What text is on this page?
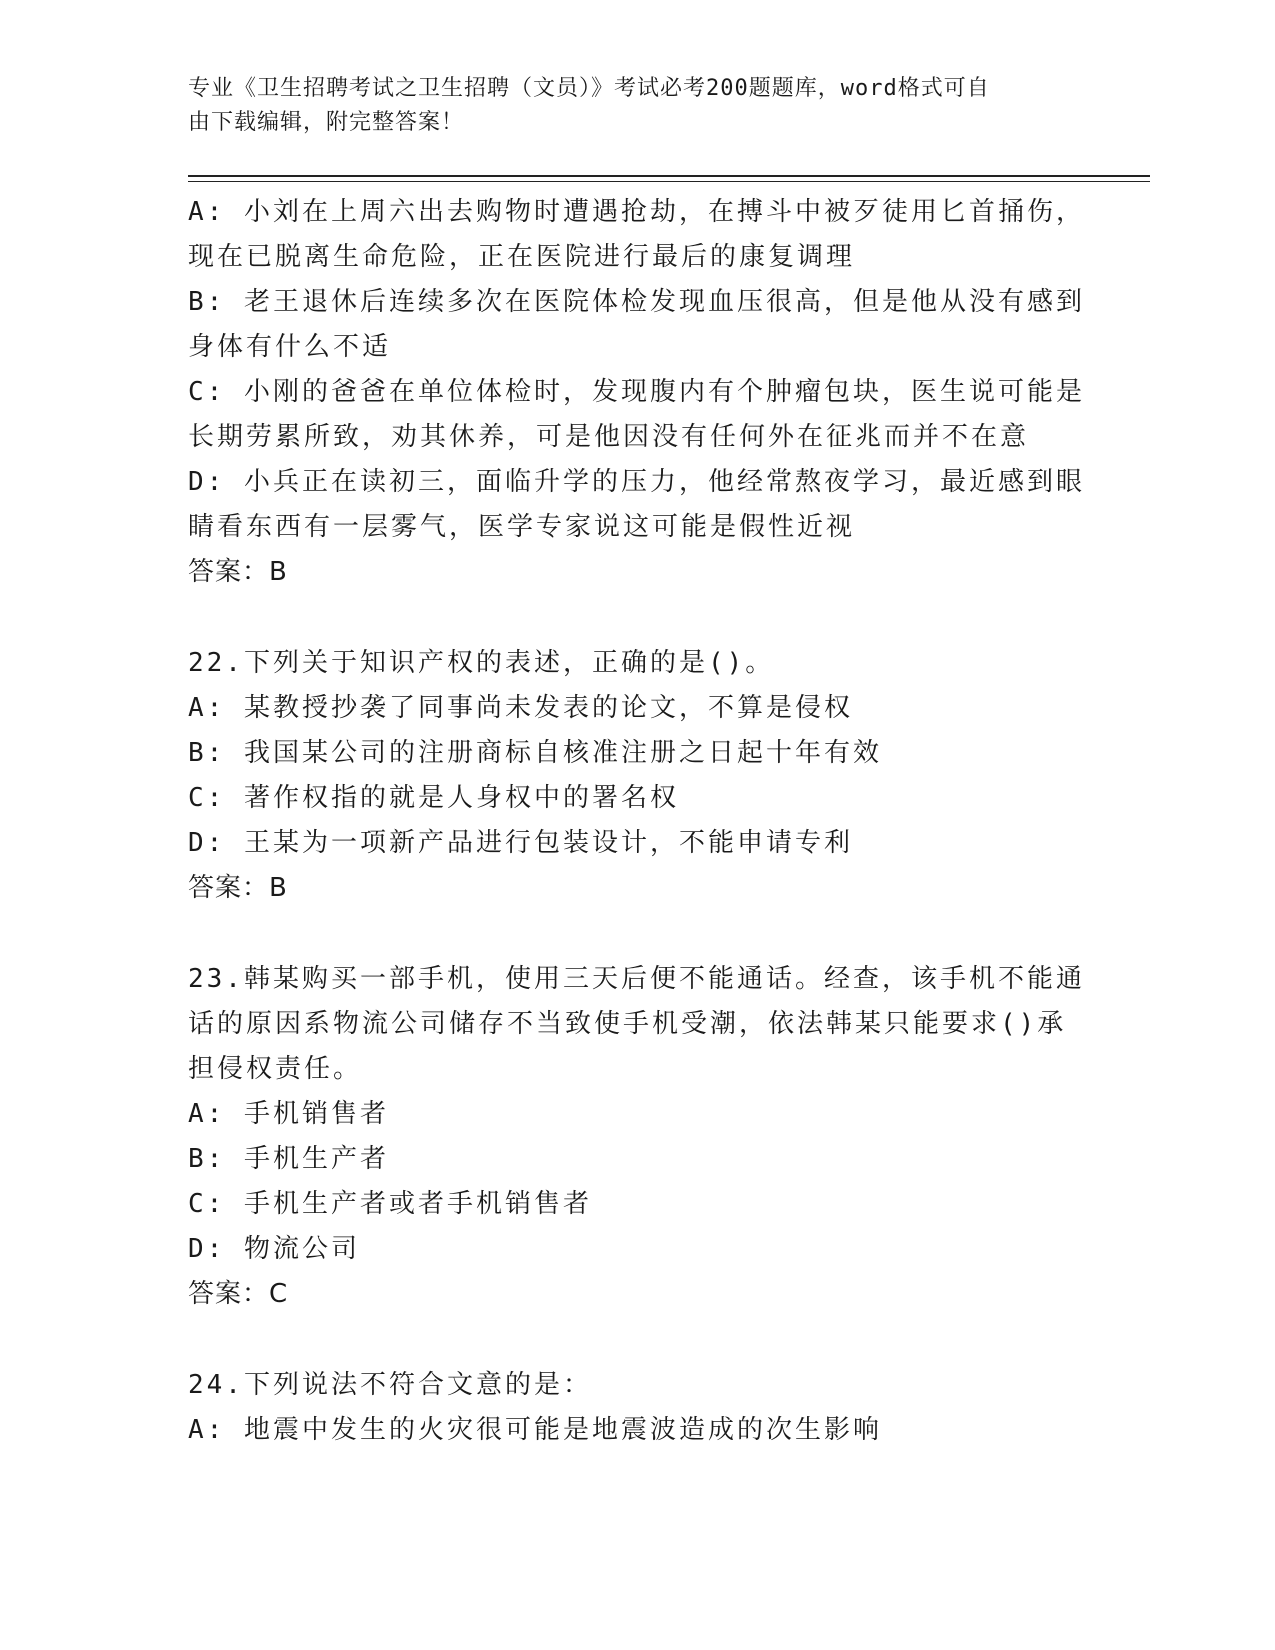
专业《卫生招聘考试之卫生招聘（文员）》考试必考200题题库，word格式可自
由下载编辑，附完整答案！
A: 小刘在上周六出去购物时遭遇抢劫，在搏斗中被歹徒用匕首捅伤，
现在已脱离生命危险，正在医院进行最后的康复调理
B: 老王退休后连续多次在医院体检发现血压很高，但是他从没有感到
身体有什么不适
C: 小刚的爸爸在单位体检时，发现腹内有个肿瘤包块，医生说可能是
长期劳累所致，劝其休养，可是他因没有任何外在征兆而并不在意
D: 小兵正在读初三，面临升学的压力，他经常熬夜学习，最近感到眼
睛看东西有一层雾气，医学专家说这可能是假性近视
答案：B
22.下列关于知识产权的表述，正确的是()。
A: 某教授抄袭了同事尚未发表的论文，不算是侵权
B: 我国某公司的注册商标自核准注册之日起十年有效
C: 著作权指的就是人身权中的署名权
D: 王某为一项新产品进行包装设计，不能申请专利
答案：B
23.韩某购买一部手机，使用三天后便不能通话。经查，该手机不能通
话的原因系物流公司储存不当致使手机受潮，依法韩某只能要求()承
担侵权责任。
A: 手机销售者
B: 手机生产者
C: 手机生产者或者手机销售者
D: 物流公司
答案：C
24.下列说法不符合文意的是：
A: 地震中发生的火灾很可能是地震波造成的次生影响
